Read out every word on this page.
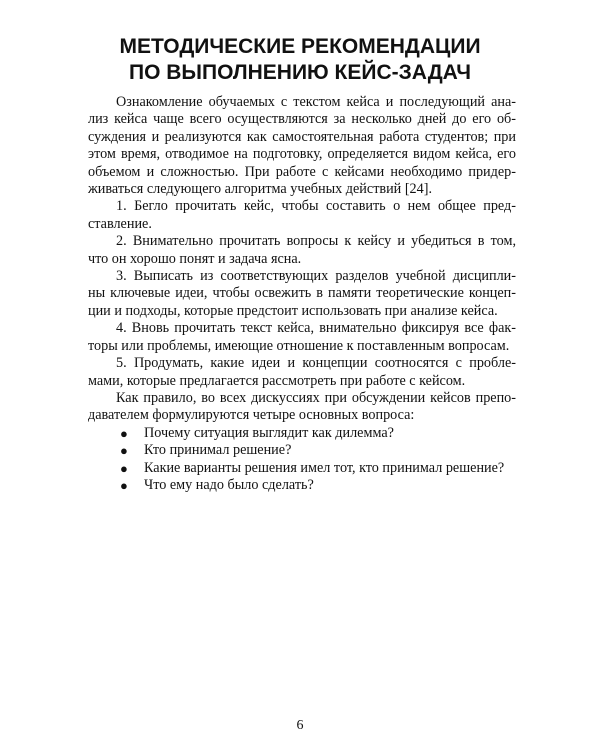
МЕТОДИЧЕСКИЕ РЕКОМЕНДАЦИИ
ПО ВЫПОЛНЕНИЮ КЕЙС-ЗАДАЧ
Ознакомление обучаемых с текстом кейса и последующий ана-
лиз кейса чаще всего осуществляются за несколько дней до его об-
суждения и реализуются как самостоятельная работа студентов; при
этом время, отводимое на подготовку, определяется видом кейса, его
объемом и сложностью. При работе с кейсами необходимо придер-
живаться следующего алгоритма учебных действий [24].
1. Бегло прочитать кейс, чтобы составить о нем общее пред-
ставление.
2. Внимательно прочитать вопросы к кейсу и убедиться в том,
что он хорошо понят и задача ясна.
3. Выписать из соответствующих разделов учебной дисципли-
ны ключевые идеи, чтобы освежить в памяти теоретические концеп-
ции и подходы, которые предстоит использовать при анализе кейса.
4. Вновь прочитать текст кейса, внимательно фиксируя все фак-
торы или проблемы, имеющие отношение к поставленным вопросам.
5. Продумать, какие идеи и концепции соотносятся с пробле-
мами, которые предлагается рассмотреть при работе с кейсом.
Как правило, во всех дискуссиях при обсуждении кейсов препо-
давателем формулируются четыре основных вопроса:
● Почему ситуация выглядит как дилемма?
● Кто принимал решение?
● Какие варианты решения имел тот, кто принимал решение?
● Что ему надо было сделать?
6
